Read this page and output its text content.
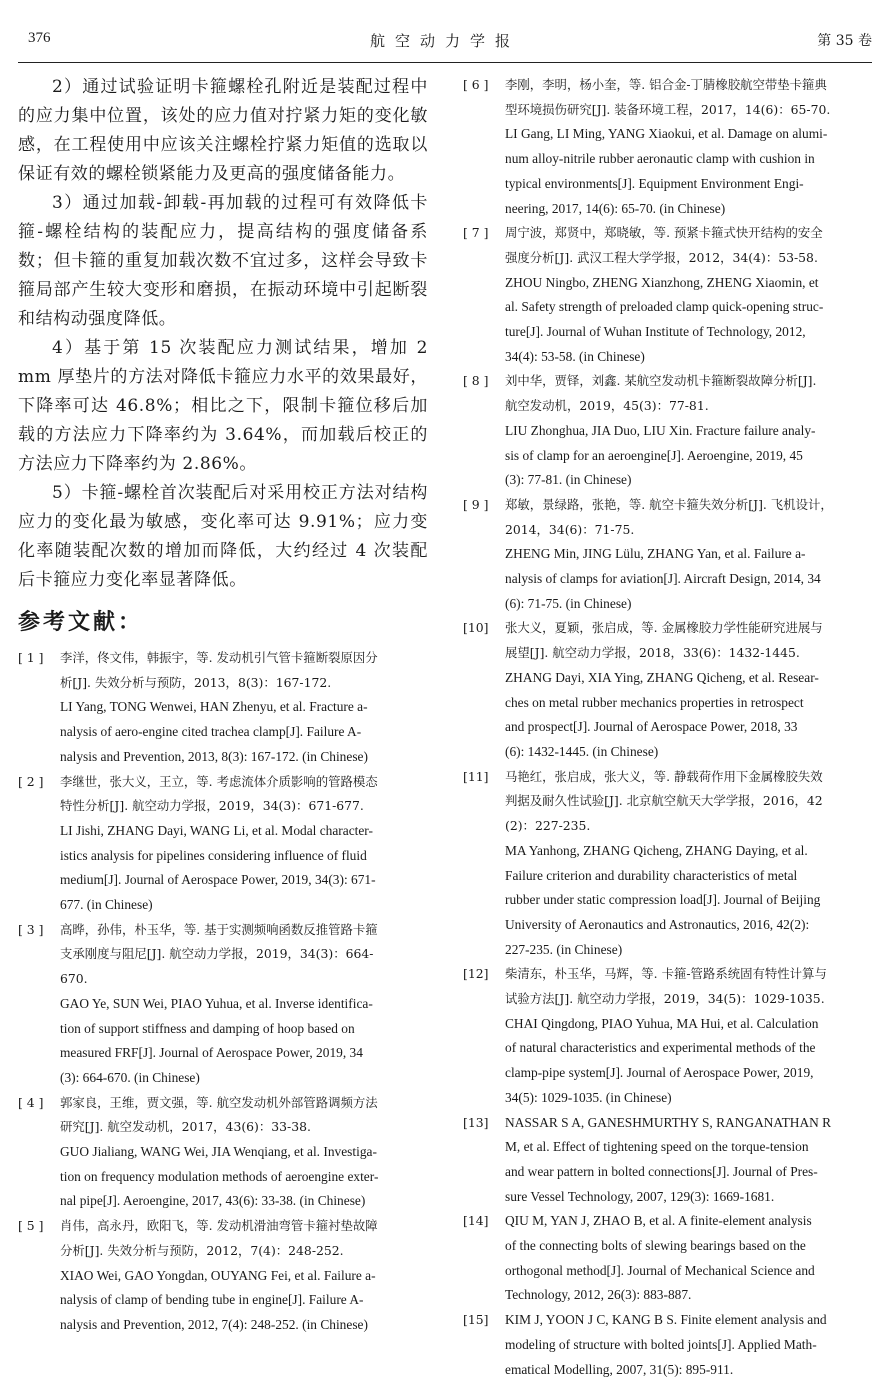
376	航空动力学报	第 35 卷

2）通过试验证明卡箍螺栓孔附近是装配过程中的应力集中位置，该处的应力值对拧紧力矩的变化敏感，在工程使用中应该关注螺栓拧紧力矩值的选取以保证有效的螺栓锁紧能力及更高的强度储备能力。

3）通过加载-卸载-再加载的过程可有效降低卡箍-螺栓结构的装配应力，提高结构的强度储备系数；但卡箍的重复加载次数不宜过多，这样会导致卡箍局部产生较大变形和磨损，在振动环境中引起断裂和结构动强度降低。

4）基于第 15 次装配应力测试结果，增加 2 mm 厚垫片的方法对降低卡箍应力水平的效果最好，下降率可达 46.8%；相比之下，限制卡箍位移后加载的方法应力下降率约为 3.64%，而加载后校正的方法应力下降率约为 2.86%。

5）卡箍-螺栓首次装配后对采用校正方法对结构应力的变化最为敏感，变化率可达 9.91%；应力变化率随装配次数的增加而降低，大约经过 4 次装配后卡箍应力变化率显著降低。

参考文献：
[ 1 ] 李洋，佟文伟，韩振宇，等. 发动机引气管卡箍断裂原因分
析[J]. 失效分析与预防，2013，8(3)：167-172.
LI Yang, TONG Wenwei, HAN Zhenyu, et al. Fracture a-
nalysis of aero-engine cited trachea clamp[J]. Failure A-
nalysis and Prevention, 2013, 8(3): 167-172. (in Chinese)
[ 2 ] 李继世，张大义，王立，等. 考虑流体介质影响的管路模态
特性分析[J]. 航空动力学报，2019，34(3)：671-677.
LI Jishi, ZHANG Dayi, WANG Li, et al. Modal character-
istics analysis for pipelines considering influence of fluid
medium[J]. Journal of Aerospace Power, 2019, 34(3): 671-
677. (in Chinese)
[ 3 ] 高晔，孙伟，朴玉华，等. 基于实测频响函数反推管路卡箍
支承刚度与阻尼[J]. 航空动力学报，2019，34(3)：664-
670.
GAO Ye, SUN Wei, PIAO Yuhua, et al. Inverse identifica-
tion of support stiffness and damping of hoop based on
measured FRF[J]. Journal of Aerospace Power, 2019, 34
(3): 664-670. (in Chinese)
[ 4 ] 郭家良，王维，贾文强，等. 航空发动机外部管路调频方法
研究[J]. 航空发动机，2017，43(6)：33-38.
GUO Jialiang, WANG Wei, JIA Wenqiang, et al. Investiga-
tion on frequency modulation methods of aeroengine exter-
nal pipe[J]. Aeroengine, 2017, 43(6): 33-38. (in Chinese)
[ 5 ] 肖伟，高永丹，欧阳飞，等. 发动机滑油弯管卡箍衬垫故障
分析[J]. 失效分析与预防，2012，7(4)：248-252.
XIAO Wei, GAO Yongdan, OUYANG Fei, et al. Failure a-
nalysis of clamp of bending tube in engine[J]. Failure A-
nalysis and Prevention, 2012, 7(4): 248-252. (in Chinese)
[ 6 ] 李刚，李明，杨小奎，等. 铝合金-丁腈橡胶航空带垫卡箍典
型环境损伤研究[J]. 装备环境工程，2017，14(6)：65-70.
LI Gang, LI Ming, YANG Xiaokui, et al. Damage on alumi-
num alloy-nitrile rubber aeronautic clamp with cushion in
typical environments[J]. Equipment Environment Engi-
neering, 2017, 14(6): 65-70. (in Chinese)
[ 7 ] 周宁波，郑贤中，郑晓敏，等. 预紧卡箍式快开结构的安全
强度分析[J]. 武汉工程大学学报，2012，34(4)：53-58.
ZHOU Ningbo, ZHENG Xianzhong, ZHENG Xiaomin, et
al. Safety strength of preloaded clamp quick-opening struc-
ture[J]. Journal of Wuhan Institute of Technology, 2012,
34(4): 53-58. (in Chinese)
[ 8 ] 刘中华，贾铎，刘鑫. 某航空发动机卡箍断裂故障分析[J].
航空发动机，2019，45(3)：77-81.
LIU Zhonghua, JIA Duo, LIU Xin. Fracture failure analy-
sis of clamp for an aeroengine[J]. Aeroengine, 2019, 45
(3): 77-81. (in Chinese)
[ 9 ] 郑敏，景绿路，张艳，等. 航空卡箍失效分析[J]. 飞机设计，
2014，34(6)：71-75.
ZHENG Min, JING Lülu, ZHANG Yan, et al. Failure a-
nalysis of clamps for aviation[J]. Aircraft Design, 2014, 34
(6): 71-75. (in Chinese)
[10] 张大义，夏颖，张启成，等. 金属橡胶力学性能研究进展与
展望[J]. 航空动力学报，2018，33(6)：1432-1445.
ZHANG Dayi, XIA Ying, ZHANG Qicheng, et al. Resear-
ches on metal rubber mechanics properties in retrospect
and prospect[J]. Journal of Aerospace Power, 2018, 33
(6): 1432-1445. (in Chinese)
[11] 马艳红，张启成，张大义，等. 静载荷作用下金属橡胶失效
判据及耐久性试验[J]. 北京航空航天大学学报，2016，42
(2)：227-235.
MA Yanhong, ZHANG Qicheng, ZHANG Daying, et al.
Failure criterion and durability characteristics of metal
rubber under static compression load[J]. Journal of Beijing
University of Aeronautics and Astronautics, 2016, 42(2):
227-235. (in Chinese)
[12] 柴清东，朴玉华，马辉，等. 卡箍-管路系统固有特性计算与
试验方法[J]. 航空动力学报，2019，34(5)：1029-1035.
CHAI Qingdong, PIAO Yuhua, MA Hui, et al. Calculation
of natural characteristics and experimental methods of the
clamp-pipe system[J]. Journal of Aerospace Power, 2019,
34(5): 1029-1035. (in Chinese)
[13] NASSAR S A, GANESHMURTHY S, RANGANATHAN R
M, et al. Effect of tightening speed on the torque-tension
and wear pattern in bolted connections[J]. Journal of Pres-
sure Vessel Technology, 2007, 129(3): 1669-1681.
[14] QIU M, YAN J, ZHAO B, et al. A finite-element analysis
of the connecting bolts of slewing bearings based on the
orthogonal method[J]. Journal of Mechanical Science and
Technology, 2012, 26(3): 883-887.
[15] KIM J, YOON J C, KANG B S. Finite element analysis and
modeling of structure with bolted joints[J]. Applied Math-
ematical Modelling, 2007, 31(5): 895-911.
